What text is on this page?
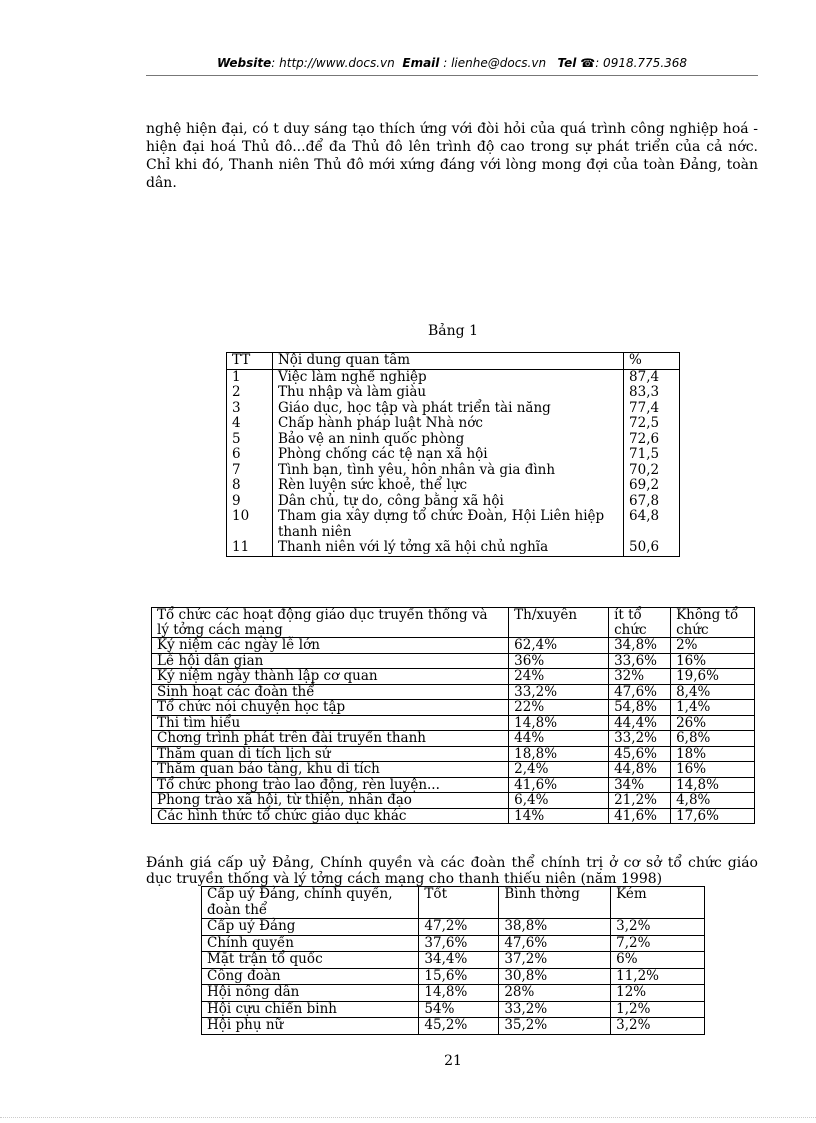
Website: http://www.docs.vn Email : lienhe@docs.vn Tel ☎: 0918.775.368
nghệ hiện đại, có t duy sáng tạo thích ứng với đòi hỏi của quá trình công nghiệp hoá - hiện đại hoá Thủ đô...để đa Thủ đô lên trình độ cao trong sự phát triển của cả nớc. Chỉ khi đó, Thanh niên Thủ đô mới xứng đáng với lòng mong đợi của toàn Đảng, toàn dân.
Bảng 1
TT	Nội dung quan tâm	%
1	Việc làm nghề nghiệp	87,4
2	Thu nhập và làm giàu	83,3
3	Giáo dục, học tập và phát triển tài năng	77,4
4	Chấp hành pháp luật Nhà nớc	72,5
5	Bảo vệ an ninh quốc phòng	72,6
6	Phòng chống các tệ nạn xã hội	71,5
7	Tình bạn, tình yêu, hôn nhân và gia đình	70,2
8	Rèn luyện sức khoẻ, thể lực	69,2
9	Dân chủ, tự do, công bằng xã hội	67,8
10	Tham gia xây dựng tổ chức Đoàn, Hội Liên hiệp thanh niên	64,8
11	Thanh niên với lý tởng xã hội chủ nghĩa	50,6
Tổ chức các hoạt động giáo dục truyền thống và lý tởng cách mạng	Th/xuyên	ít tổ chức	Không tổ chức
Kỷ niệm các ngày lễ lớn	62,4%	34,8%	2%
Lễ hội dân gian	36%	33,6%	16%
Kỷ niệm ngày thành lập cơ quan	24%	32%	19,6%
Sinh hoạt các đoàn thể	33,2%	47,6%	8,4%
Tổ chức nói chuyện học tập	22%	54,8%	1,4%
Thi tìm hiểu	14,8%	44,4%	26%
Chơng trình phát trên đài truyền thanh	44%	33,2%	6,8%
Thăm quan di tích lịch sử	18,8%	45,6%	18%
Thăm quan bảo tàng, khu di tích	2,4%	44,8%	16%
Tổ chức phong trào lao động, rèn luyện...	41,6%	34%	14,8%
Phong trào xã hội, từ thiện, nhân đạo	6,4%	21,2%	4,8%
Các hình thức tổ chức giáo dục khác	14%	41,6%	17,6%
Đánh giá cấp uỷ Đảng, Chính quyền và các đoàn thể chính trị ở cơ sở tổ chức giáo dục truyền thống và lý tởng cách mạng cho thanh thiếu niên (năm 1998)
Cấp uỷ Đảng, chính quyền, đoàn thể	Tốt	Bình thờng	Kém
Cấp uỷ Đảng	47,2%	38,8%	3,2%
Chính quyền	37,6%	47,6%	7,2%
Mặt trận tổ quốc	34,4%	37,2%	6%
Công đoàn	15,6%	30,8%	11,2%
Hội nông dân	14,8%	28%	12%
Hội cựu chiến binh	54%	33,2%	1,2%
Hội phụ nữ	45,2%	35,2%	3,2%
21
